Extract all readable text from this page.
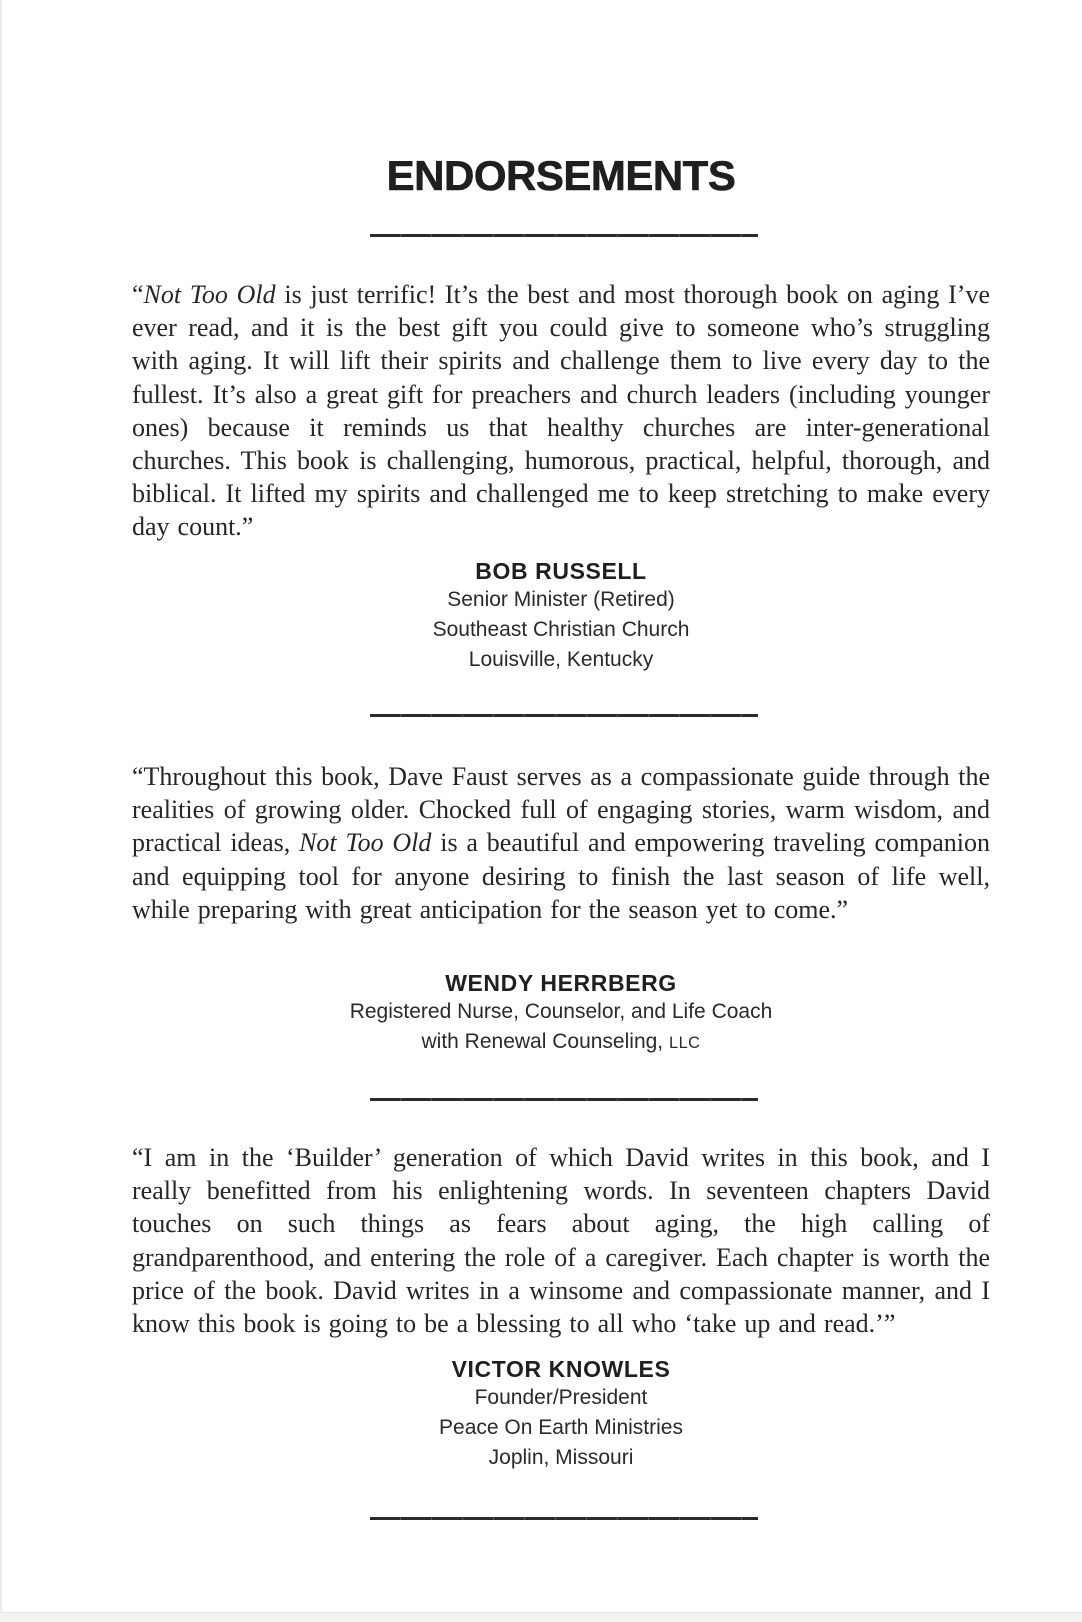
ENDORSEMENTS

“Not Too Old is just terrific! It’s the best and most thorough book on aging I’ve ever read, and it is the best gift you could give to someone who’s struggling with aging. It will lift their spirits and challenge them to live every day to the fullest. It’s also a great gift for preachers and church leaders (including younger ones) because it reminds us that healthy churches are inter-generational churches. This book is challenging, humorous, practical, helpful, thorough, and biblical. It lifted my spirits and challenged me to keep stretching to make every day count.”

BOB RUSSELL
Senior Minister (Retired)
Southeast Christian Church
Louisville, Kentucky

“Throughout this book, Dave Faust serves as a compassionate guide through the realities of growing older. Chocked full of engaging stories, warm wisdom, and practical ideas, Not Too Old is a beautiful and empowering traveling companion and equipping tool for anyone desiring to finish the last season of life well, while preparing with great anticipation for the season yet to come.”

WENDY HERRBERG
Registered Nurse, Counselor, and Life Coach
with Renewal Counseling, LLC

“I am in the ‘Builder’ generation of which David writes in this book, and I really benefitted from his enlightening words. In seventeen chapters David touches on such things as fears about aging, the high calling of grandparenthood, and entering the role of a caregiver. Each chapter is worth the price of the book. David writes in a winsome and compassionate manner, and I know this book is going to be a blessing to all who ‘take up and read.’”

VICTOR KNOWLES
Founder/President
Peace On Earth Ministries
Joplin, Missouri
